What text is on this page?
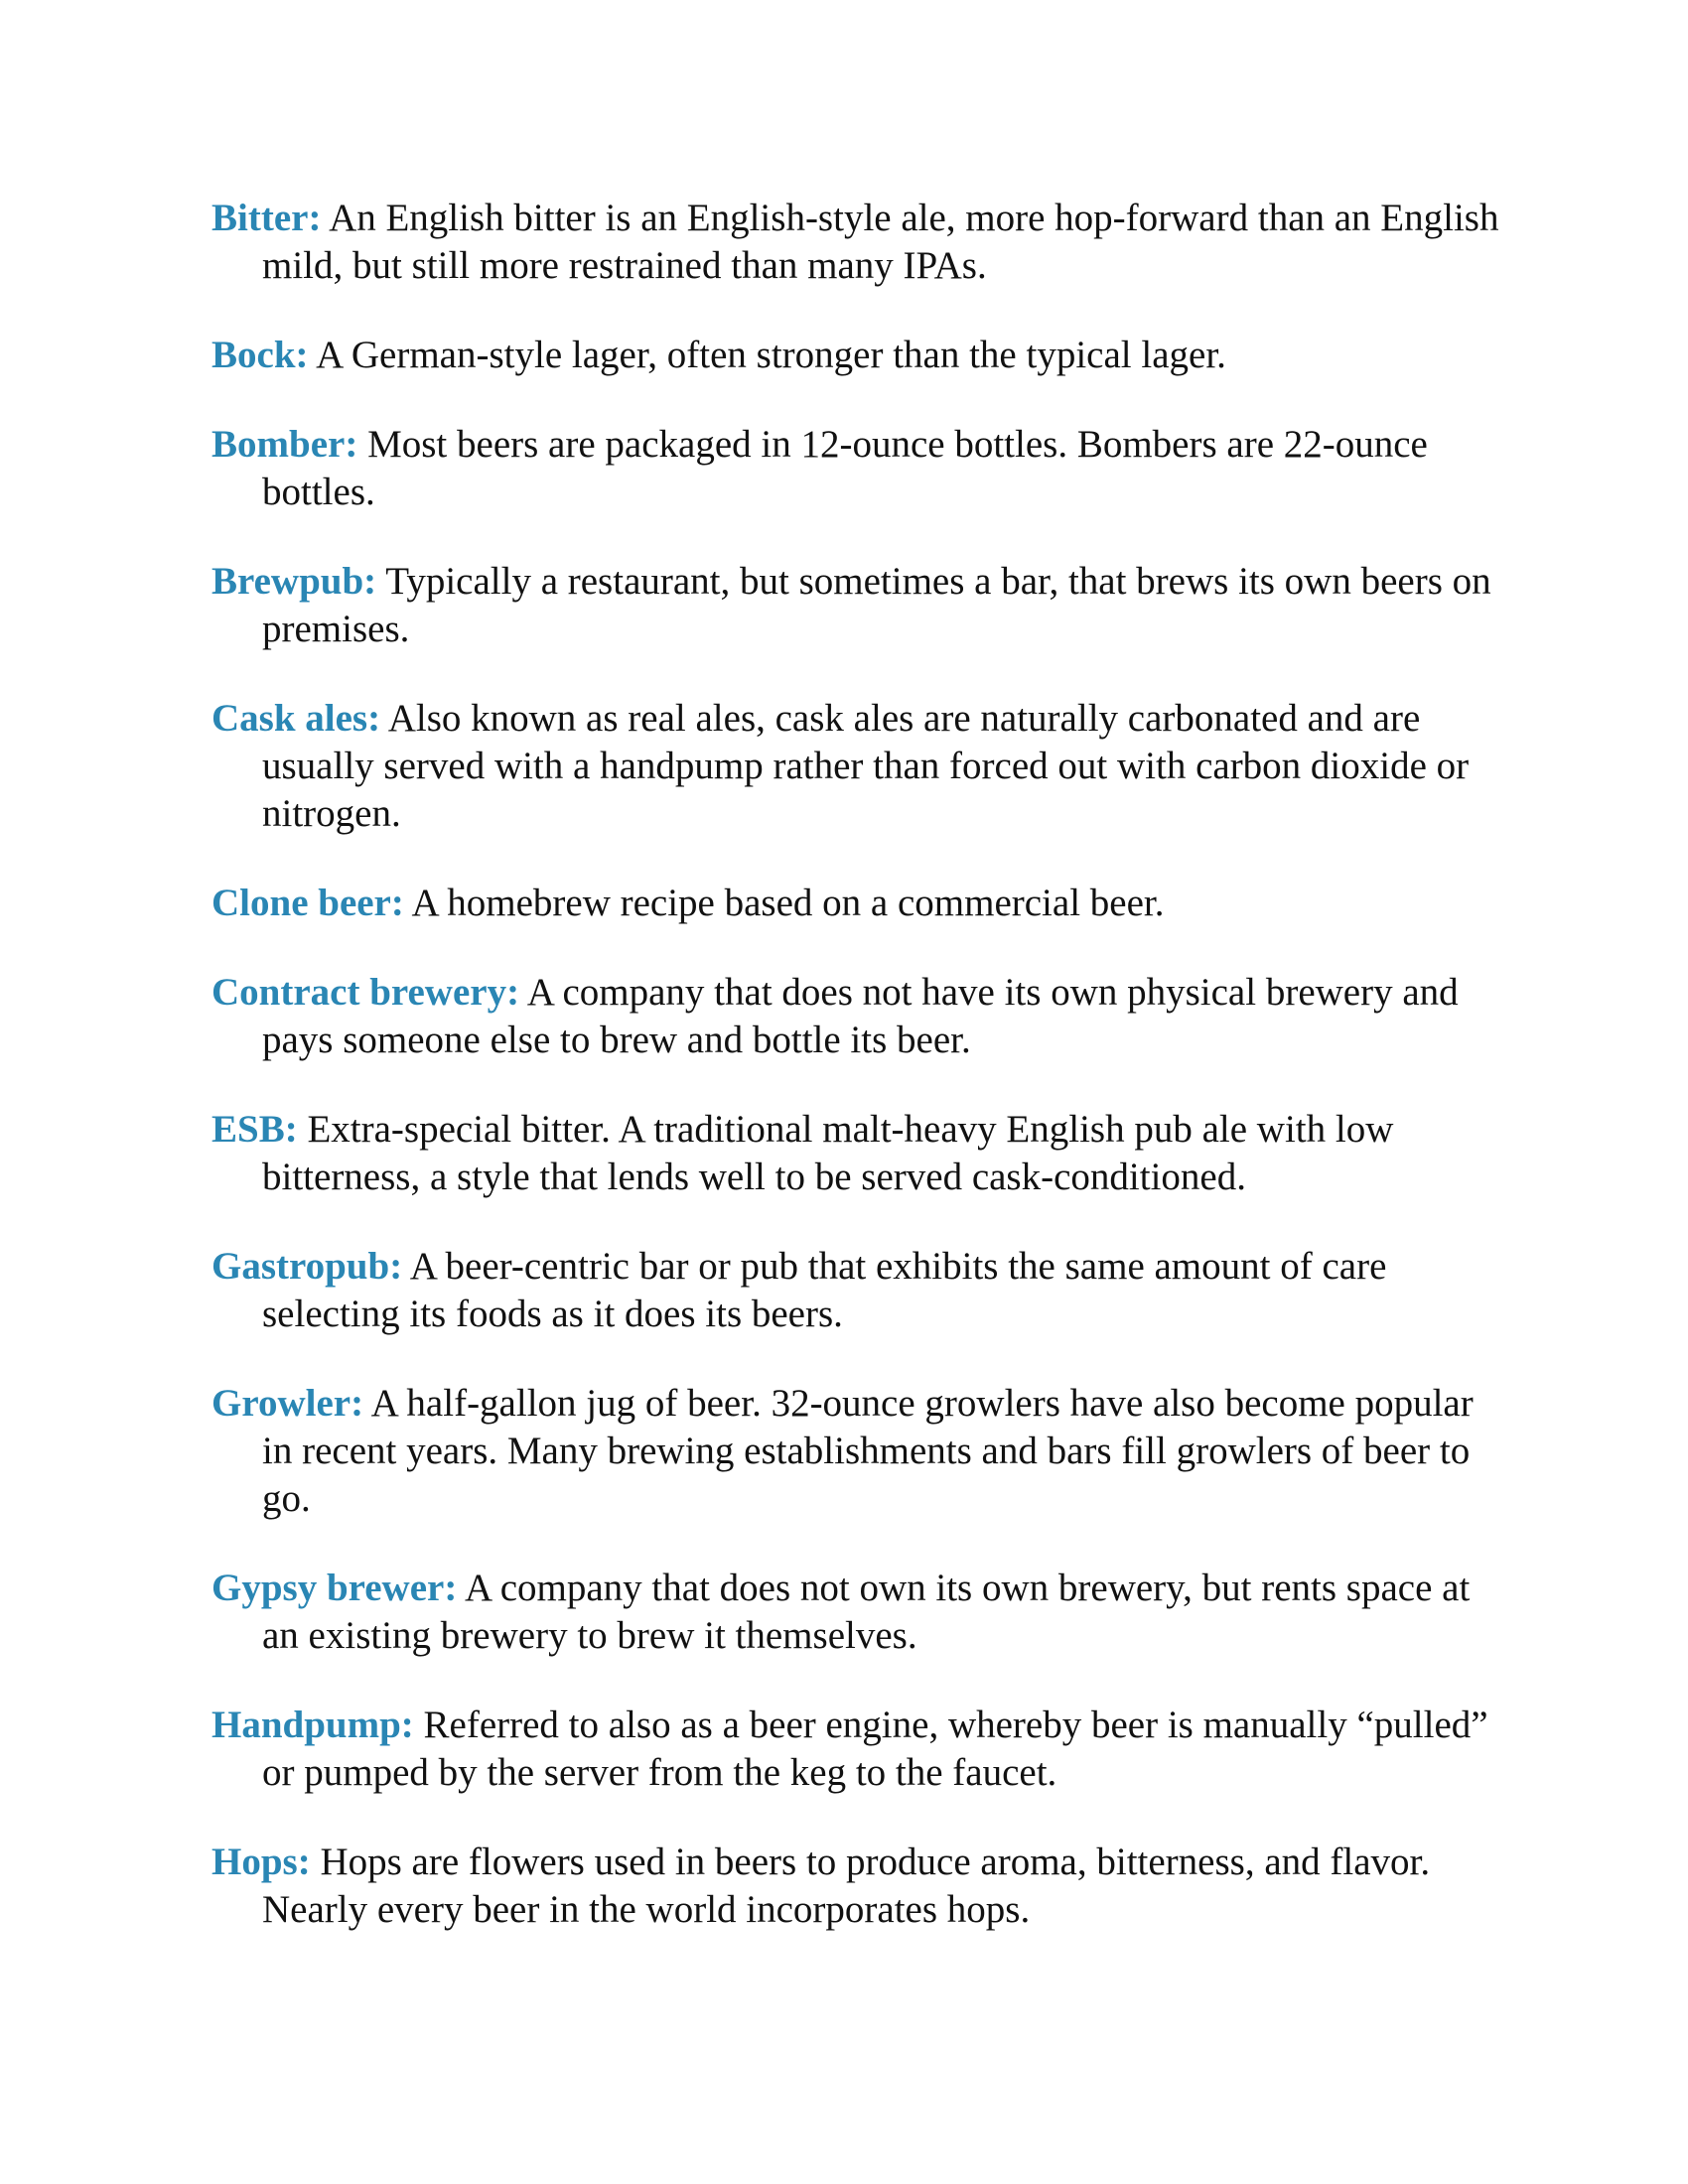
Bitter: An English bitter is an English-style ale, more hop-forward than an English mild, but still more restrained than many IPAs.
Bock: A German-style lager, often stronger than the typical lager.
Bomber: Most beers are packaged in 12-ounce bottles. Bombers are 22-ounce bottles.
Brewpub: Typically a restaurant, but sometimes a bar, that brews its own beers on premises.
Cask ales: Also known as real ales, cask ales are naturally carbonated and are usually served with a handpump rather than forced out with carbon dioxide or nitrogen.
Clone beer: A homebrew recipe based on a commercial beer.
Contract brewery: A company that does not have its own physical brewery and pays someone else to brew and bottle its beer.
ESB: Extra-special bitter. A traditional malt-heavy English pub ale with low bitterness, a style that lends well to be served cask-conditioned.
Gastropub: A beer-centric bar or pub that exhibits the same amount of care selecting its foods as it does its beers.
Growler: A half-gallon jug of beer. 32-ounce growlers have also become popular in recent years. Many brewing establishments and bars fill growlers of beer to go.
Gypsy brewer: A company that does not own its own brewery, but rents space at an existing brewery to brew it themselves.
Handpump: Referred to also as a beer engine, whereby beer is manually “pulled” or pumped by the server from the keg to the faucet.
Hops: Hops are flowers used in beers to produce aroma, bitterness, and flavor. Nearly every beer in the world incorporates hops.
